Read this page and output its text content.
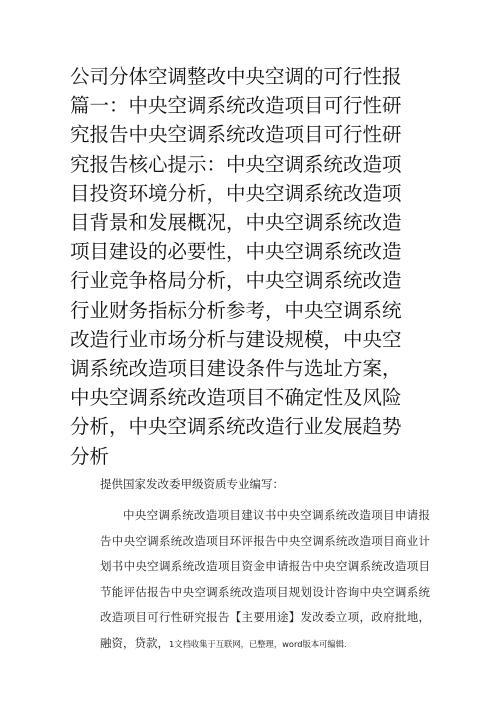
公司分体空调整改中央空调的可行性报篇一：中央空调系统改造项目可行性研究报告中央空调系统改造项目可行性研究报告核心提示：中央空调系统改造项目投资环境分析，中央空调系统改造项目背景和发展概况，中央空调系统改造项目建设的必要性，中央空调系统改造行业竞争格局分析，中央空调系统改造行业财务指标分析参考，中央空调系统改造行业市场分析与建设规模，中央空调系统改造项目建设条件与选址方案，中央空调系统改造项目不确定性及风险分析，中央空调系统改造行业发展趋势分析

提供国家发改委甲级资质专业编写：

中央空调系统改造项目建议书中央空调系统改造项目申请报告中央空调系统改造项目环评报告中央空调系统改造项目商业计划书中央空调系统改造项目资金申请报告中央空调系统改造项目节能评估报告中央空调系统改造项目规划设计咨询中央空调系统改造项目可行性研究报告【主要用途】发改委立项，政府批地，融资，贷款，1文档收集于互联网，已整理，word版本可编辑.
